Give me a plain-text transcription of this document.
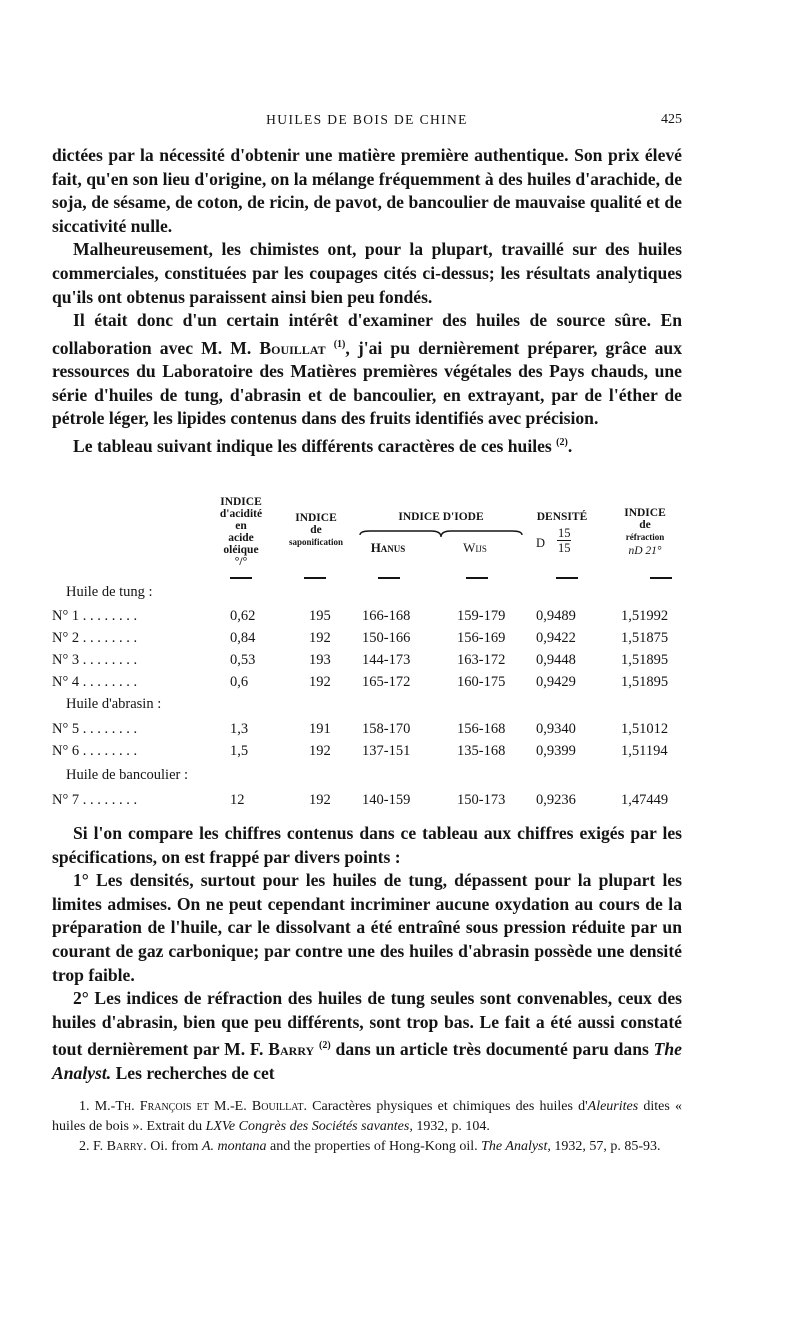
HUILES DE BOIS DE CHINE	425

dictées par la nécessité d'obtenir une matière première authentique. Son prix élevé fait, qu'en son lieu d'origine, on la mélange fréquemment à des huiles d'arachide, de soja, de sésame, de coton, de ricin, de pavot, de bancoulier de mauvaise qualité et de siccativité nulle.

Malheureusement, les chimistes ont, pour la plupart, travaillé sur des huiles commerciales, constituées par les coupages cités ci-dessus; les résultats analytiques qu'ils ont obtenus paraissent ainsi bien peu fondés.

Il était donc d'un certain intérêt d'examiner des huiles de source sûre. En collaboration avec M. M. Bouillat $^{(1)}$, j'ai pu dernièrement préparer, grâce aux ressources du Laboratoire des Matières premières végétales des Pays chauds, une série d'huiles de tung, d'abrasin et de bancoulier, en extrayant, par de l'éther de pétrole léger, les lipides contenus dans des fruits identifiés avec précision.

Le tableau suivant indique les différents caractères de ces huiles $^{(2)}$.

INDICE
d'acidité
en
acide
oléique
°/°
INDICE
de
saponification
INDICE D'IODE
Hanus	Wijs
DENSITÉ
D
15
15
INDICE
de
réfraction
nD 21°
Huile de tung :
N° 1 . . . . . . . .	0,62	195 166-168	159-179 0,9489	1,51992
N° 2 . . . . . . . .	0,84	192 150-166	156-169 0,9422	1,51875
N° 3 . . . . . . . .	0,53	193 144-173	163-172 0,9448	1,51895
N° 4 . . . . . . . .	0,6	192 165-172	160-175 0,9429	1,51895
Huile d'abrasin :
N° 5 . . . . . . . .	1,3	191 158-170	156-168 0,9340	1,51012
N° 6 . . . . . . . .	1,5	192 137-151	135-168 0,9399	1,51194
Huile de bancoulier :
N° 7 . . . . . . . .	12	192 140-159	150-173 0,9236	1,47449

Si l'on compare les chiffres contenus dans ce tableau aux chiffres exigés par les spécifications, on est frappé par divers points :

1° Les densités, surtout pour les huiles de tung, dépassent pour la plupart les limites admises. On ne peut cependant incriminer aucune oxydation au cours de la préparation de l'huile, car le dissolvant a été entraîné sous pression réduite par un courant de gaz carbonique; par contre une des huiles d'abrasin possède une densité trop faible.

2° Les indices de réfraction des huiles de tung seules sont convenables, ceux des huiles d'abrasin, bien que peu différents, sont trop bas. Le fait a été aussi constaté tout dernièrement par M. F. Barry $^{(2)}$ dans un article très documenté paru dans The Analyst. Les recherches de cet

1. M.-Th. François et M.-E. Bouillat. Caractères physiques et chimiques des huiles d'Aleurites dites « huiles de bois ». Extrait du LXVe Congrès des Sociétés savantes, 1932, p. 104.

2. F. Barry. Oi. from A. montana and the properties of Hong-Kong oil. The Analyst, 1932, 57, p. 85-93.
